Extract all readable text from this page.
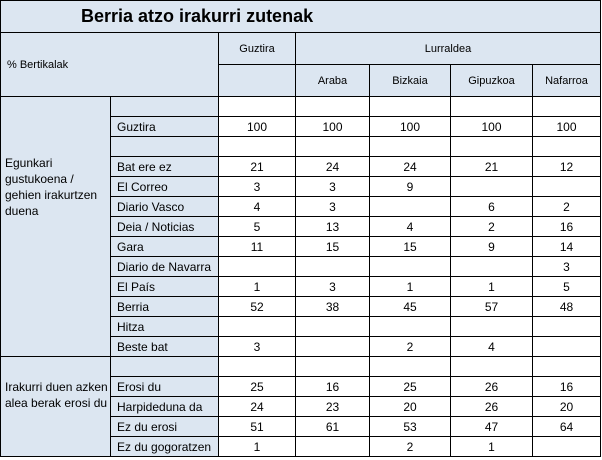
Berria atzo irakurri zutenak						
% Bertikalak		Guztira	Lurraldea			
			Araba	Bizkaia	Gipuzkoa	Nafarroa
Egunkari gustukoena / gehien irakurtzen duena						
	Guztira	100	100	100	100	100

	Bat ere ez	21	24	24	21	12
	El Correo	3	3	9		
	Diario Vasco	4	3		6	2
	Deia / Noticias	5	13	4	2	16
	Gara	11	15	15	9	14
	Diario de Navarra					3
	El País	1	3	1	1	5
	Berria	52	38	45	57	48
	Hitza					
	Beste bat	3		2	4	
Irakurri duen azken alea berak erosi du						
	Erosi du	25	16	25	26	16
	Harpideduna da	24	23	20	26	20
	Ez du erosi	51	61	53	47	64
	Ez du gogoratzen	1		2	1	
